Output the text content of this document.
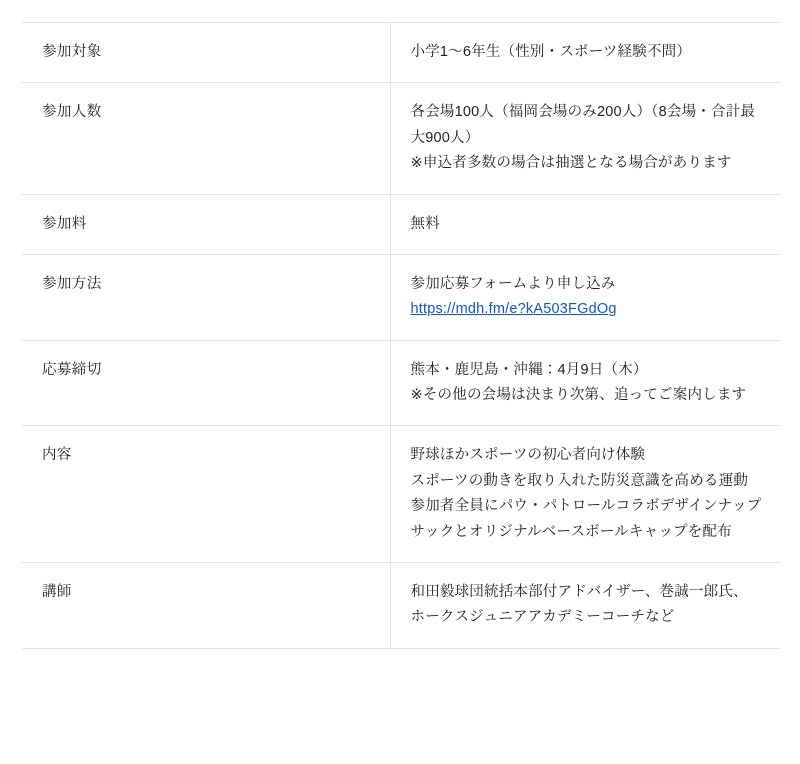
参加対象	小学1〜6年生（性別・スポーツ経験不問）

参加人数	各会場100人（福岡会場のみ200人）（8会場・合計最大900人）
※申込者多数の場合は抽選となる場合があります

参加料	無料

参加方法	参加応募フォームより申し込み
https://mdh.fm/e?kA503FGdOg

応募締切	熊本・鹿児島・沖縄：4月9日（木）
※その他の会場は決まり次第、追ってご案内します

内容	野球ほかスポーツの初心者向け体験
スポーツの動きを取り入れた防災意識を高める運動
参加者全員にパウ・パトロールコラボデザインナップサックとオリジナルベースボールキャップを配布

講師	和田毅球団統括本部付アドバイザー、巻誠一郎氏、ホークスジュニアアカデミーコーチなど
